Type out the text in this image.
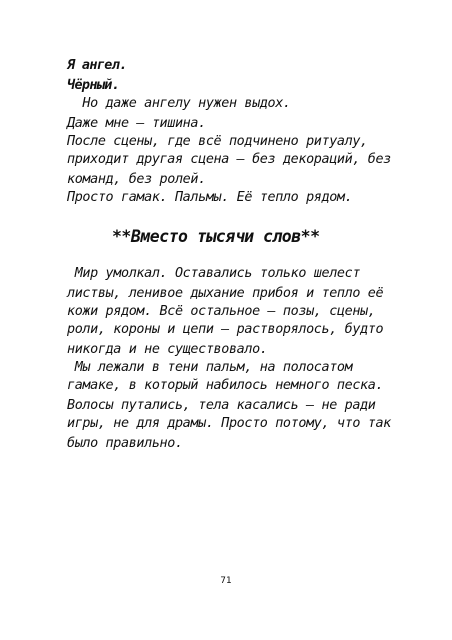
Я ангел.
Чёрный.
Но даже ангелу нужен выдох.
Даже мне – тишина.
После сцены, где всё подчинено ритуалу,
приходит другая сцена – без декораций, без
команд, без ролей.
Просто гамак. Пальмы. Её тепло рядом.
**Вместо тысячи слов**
Мир умолкал. Оставались только шелест
листвы, ленивое дыхание прибоя и тепло её
кожи рядом. Всё остальное – позы, сцены,
роли, короны и цепи – растворялось, будто
никогда и не существовало.
Мы лежали в тени пальм, на полосатом
гамаке, в который набилось немного песка.
Волосы путались, тела касались – не ради
игры, не для драмы. Просто потому, что так
было правильно.
71
